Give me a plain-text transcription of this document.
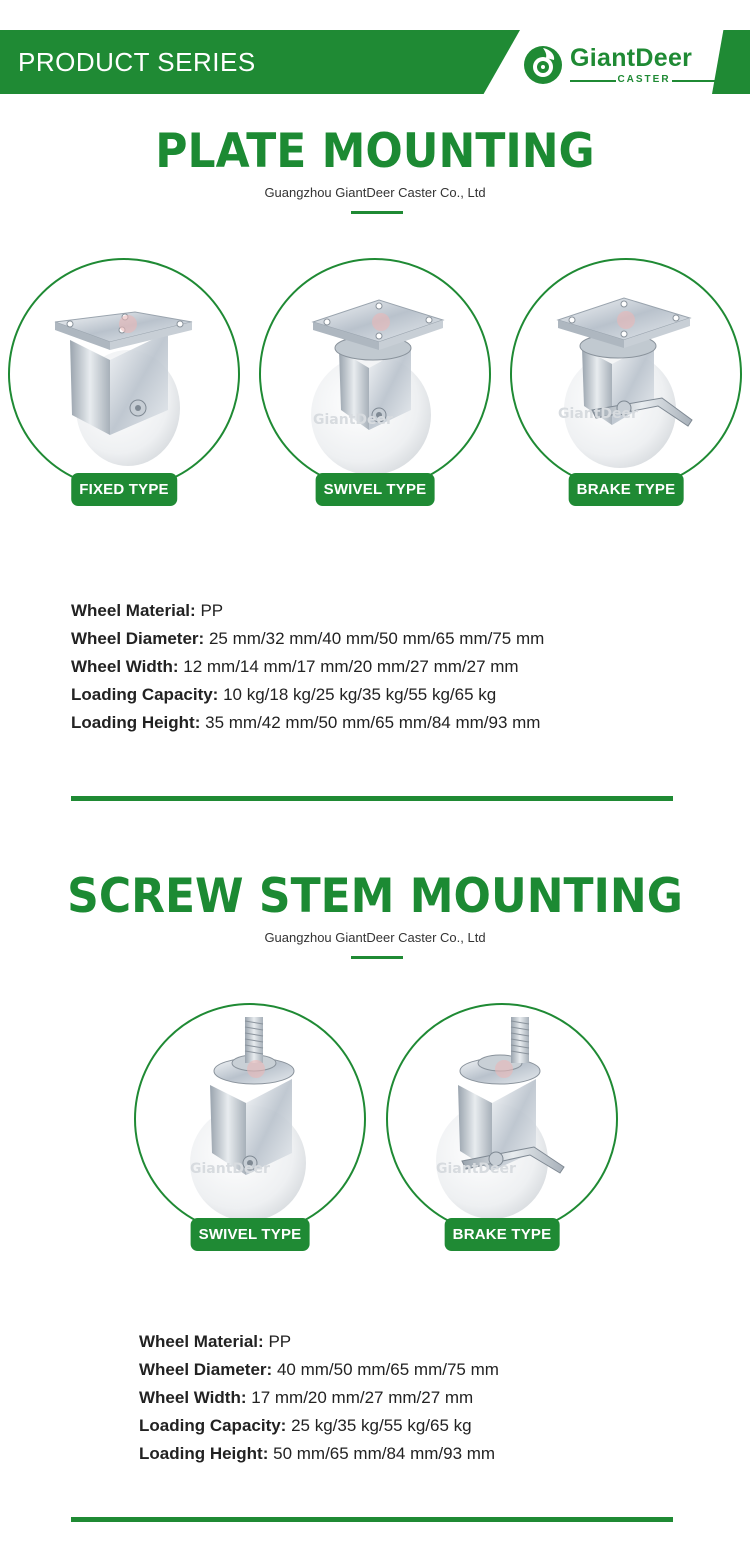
PRODUCT SERIES	GiantDeer
CASTER
PLATE MOUNTING
Guangzhou GiantDeer Caster Co., Ltd
FIXED TYPE
GiantDeer
SWIVEL TYPE
GiantDeer
BRAKE TYPE
Wheel Material: PP
Wheel Diameter: 25 mm/32 mm/40 mm/50 mm/65 mm/75 mm
Wheel Width: 12 mm/14 mm/17 mm/20 mm/27 mm/27 mm
Loading Capacity: 10 kg/18 kg/25 kg/35 kg/55 kg/65 kg
Loading Height: 35 mm/42 mm/50 mm/65 mm/84 mm/93 mm
SCREW STEM MOUNTING
Guangzhou GiantDeer Caster Co., Ltd
GiantDeer
SWIVEL TYPE
GiantDeer
BRAKE TYPE
Wheel Material: PP
Wheel Diameter: 40 mm/50 mm/65 mm/75 mm
Wheel Width: 17 mm/20 mm/27 mm/27 mm
Loading Capacity: 25 kg/35 kg/55 kg/65 kg
Loading Height: 50 mm/65 mm/84 mm/93 mm
